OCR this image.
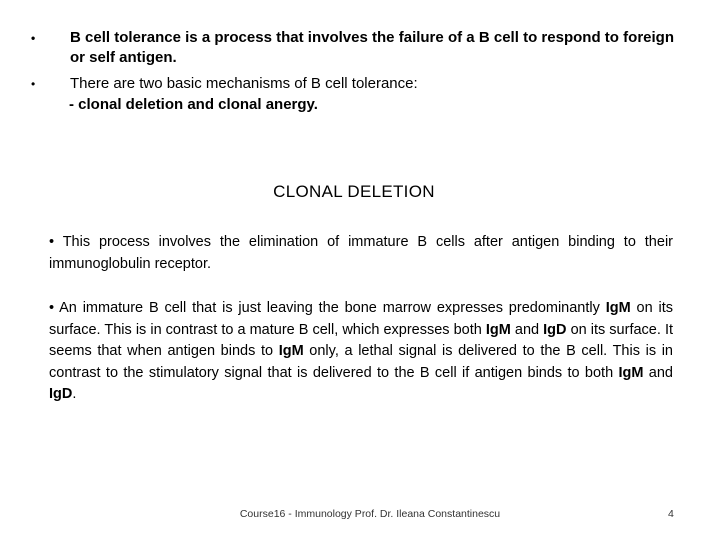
• B cell tolerance is a process that involves the failure of a B cell to respond to foreign or self antigen.
• There are two basic mechanisms of B cell tolerance:
- clonal deletion and clonal anergy.
CLONAL DELETION
• This process involves the elimination of immature B cells after antigen binding to their immunoglobulin receptor.
• An immature B cell that is just leaving the bone marrow expresses predominantly IgM on its surface. This is in contrast to a mature B cell, which expresses both IgM and IgD on its surface. It seems that when antigen binds to IgM only, a lethal signal is delivered to the B cell. This is in contrast to the stimulatory signal that is delivered to the B cell if antigen binds to both IgM and IgD.
Course16 - Immunology Prof. Dr. Ileana Constantinescu	4
